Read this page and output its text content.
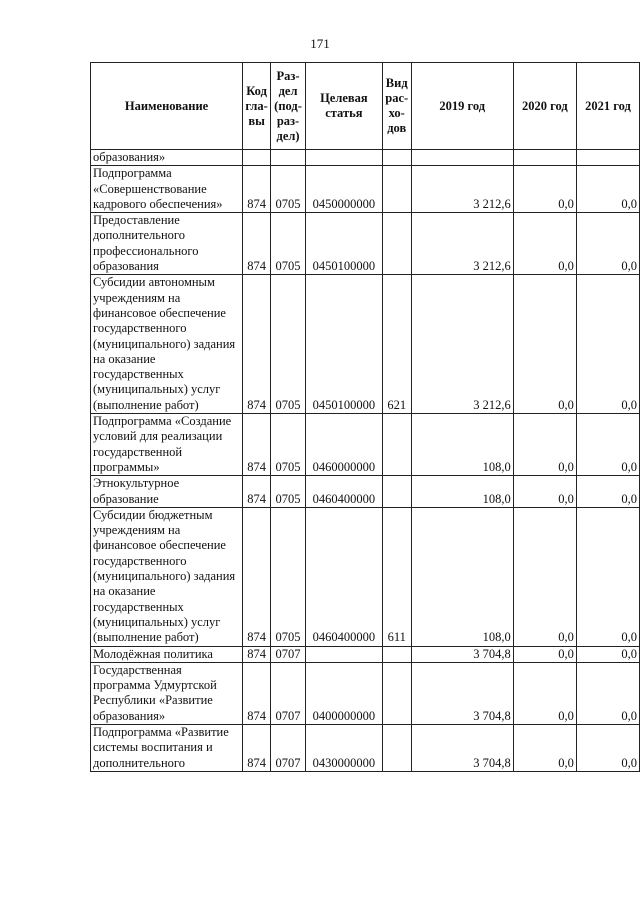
171
Наименование	Код гла- вы	Раз- дел (под- раз- дел)	Целевая статья	Вид рас- хо- дов	2019 год	2020 год	2021 год
образования»							
Подпрограмма «Совершенствование кадрового обеспечения»	874	0705	0450000000		3 212,6	0,0	0,0
Предоставление дополнительного профессионального образования	874	0705	0450100000		3 212,6	0,0	0,0
Субсидии автономным учреждениям на финансовое обеспечение государственного (муниципального) задания на оказание государственных (муниципальных) услуг (выполнение работ)	874	0705	0450100000	621	3 212,6	0,0	0,0
Подпрограмма «Создание условий для реализации государственной программы»	874	0705	0460000000		108,0	0,0	0,0
Этнокультурное образование	874	0705	0460400000		108,0	0,0	0,0
Субсидии бюджетным учреждениям на финансовое обеспечение государственного (муниципального) задания на оказание государственных (муниципальных) услуг (выполнение работ)	874	0705	0460400000	611	108,0	0,0	0,0
Молодёжная политика	874	0707			3 704,8	0,0	0,0
Государственная программа Удмуртской Республики «Развитие образования»	874	0707	0400000000		3 704,8	0,0	0,0
Подпрограмма «Развитие системы воспитания и дополнительного	874	0707	0430000000		3 704,8	0,0	0,0
